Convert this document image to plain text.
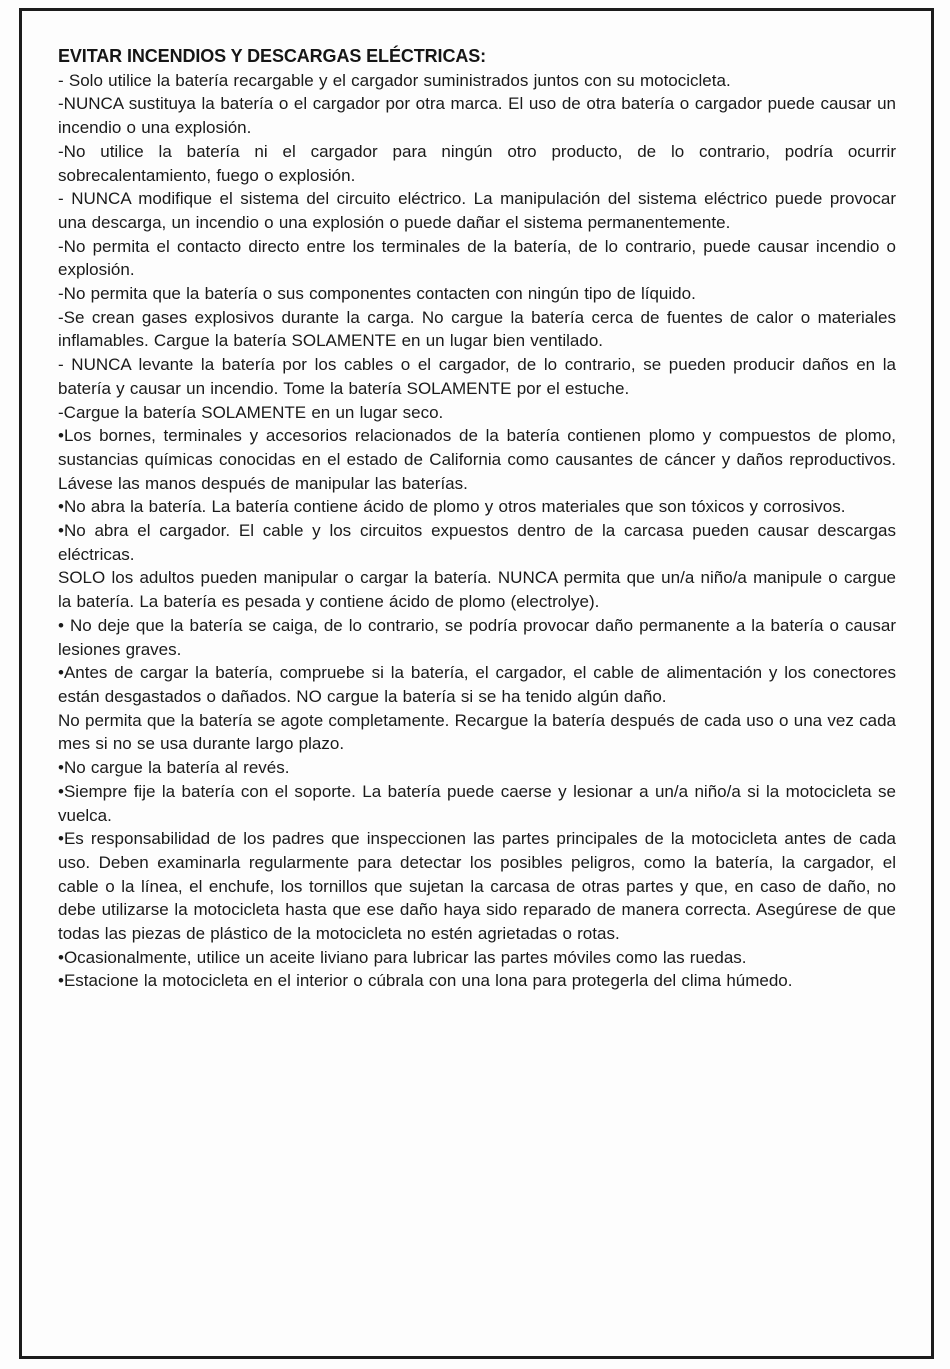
EVITAR INCENDIOS Y DESCARGAS ELÉCTRICAS:

- Solo utilice la batería recargable y el cargador suministrados juntos con su motocicleta.

-NUNCA sustituya la batería o el cargador por otra marca. El uso de otra batería o cargador puede causar un incendio o una explosión.

-No utilice la batería ni el cargador para ningún otro producto, de lo contrario, podría ocurrir sobrecalentamiento, fuego o explosión.

- NUNCA modifique el sistema del circuito eléctrico. La manipulación del sistema eléctrico puede provocar una descarga, un incendio o una explosión o puede dañar el sistema permanentemente.

-No permita el contacto directo entre los terminales de la batería, de lo contrario, puede causar incendio o explosión.

-No permita que la batería o sus componentes contacten con ningún tipo de líquido.

-Se crean gases explosivos durante la carga. No cargue la batería cerca de fuentes de calor o materiales inflamables. Cargue la batería SOLAMENTE en un lugar bien ventilado.

- NUNCA levante la batería por los cables o el cargador, de lo contrario, se pueden producir daños en la batería y causar un incendio. Tome la batería SOLAMENTE por el estuche.

-Cargue la batería SOLAMENTE en un lugar seco.

•Los bornes, terminales y accesorios relacionados de la batería contienen plomo y compuestos de plomo, sustancias químicas conocidas en el estado de California como causantes de cáncer y daños reproductivos. Lávese las manos después de manipular las baterías.

•No abra la batería. La batería contiene ácido de plomo y otros materiales que son tóxicos y corrosivos.

•No abra el cargador. El cable y los circuitos expuestos dentro de la carcasa pueden causar descargas eléctricas.

SOLO los adultos pueden manipular o cargar la batería. NUNCA permita que un/a niño/a manipule o cargue la batería. La batería es pesada y contiene ácido de plomo (electrolye).

• No deje que la batería se caiga, de lo contrario, se podría provocar daño permanente a la batería o causar lesiones graves.

•Antes de cargar la batería, compruebe si la batería, el cargador, el cable de alimentación y los conectores están desgastados o dañados. NO cargue la batería si se ha tenido algún daño.

No permita que la batería se agote completamente. Recargue la batería después de cada uso o una vez cada mes si no se usa durante largo plazo.

•No cargue la batería al revés.

•Siempre fije la batería con el soporte. La batería puede caerse y lesionar a un/a niño/a si la motocicleta se vuelca.

•Es responsabilidad de los padres que inspeccionen las partes principales de la motocicleta antes de cada uso. Deben examinarla regularmente para detectar los posibles peligros, como la batería, la cargador, el cable o la línea, el enchufe, los tornillos que sujetan la carcasa de otras partes y que, en caso de daño, no debe utilizarse la motocicleta hasta que ese daño haya sido reparado de manera correcta. Asegúrese de que todas las piezas de plástico de la motocicleta no estén agrietadas o rotas.

•Ocasionalmente, utilice un aceite liviano para lubricar las partes móviles como las ruedas.

•Estacione la motocicleta en el interior o cúbrala con una lona para protegerla del clima húmedo.
